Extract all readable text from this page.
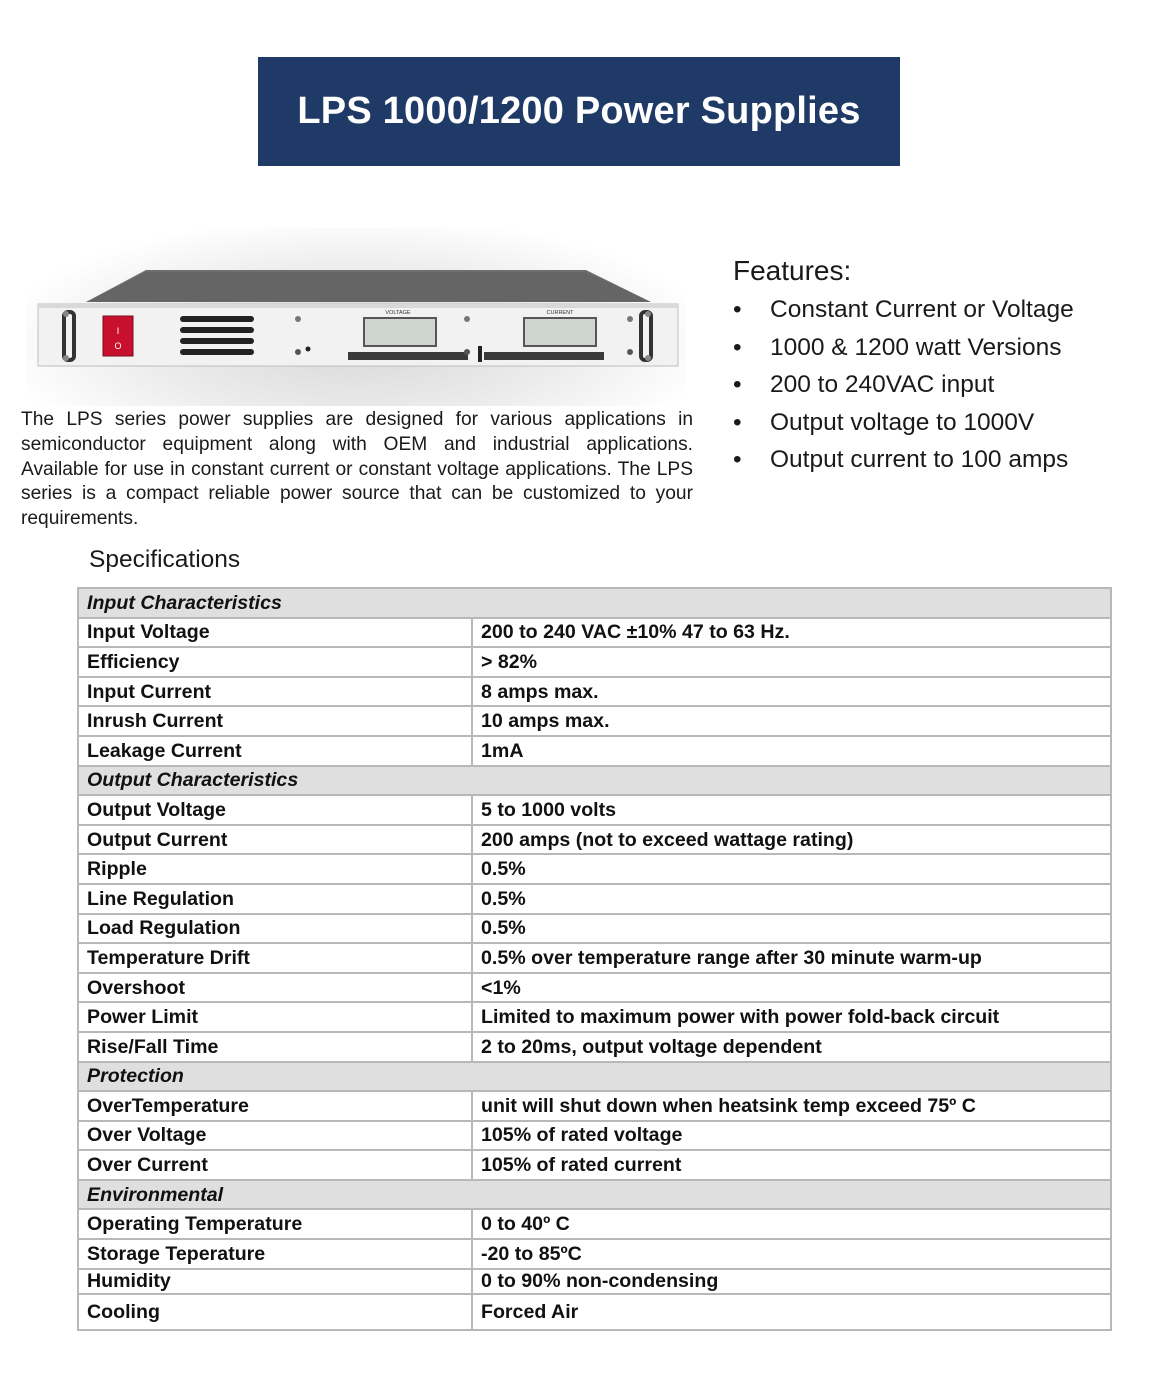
LPS 1000/1200 Power Supplies
I
O
VOLTAGE	CURRENT
The LPS series power supplies are designed for various applications in semiconductor equipment along with OEM and industrial applications. Available for use in constant current or constant voltage applications. The LPS series is a compact reliable power source that can be customized to your requirements.
Features:
• Constant Current or Voltage
• 1000 & 1200 watt Versions
• 200 to 240VAC input
• Output voltage to 1000V
• Output current to 100 amps
Specifications
Input Characteristics	
Input Voltage	200 to 240 VAC ±10% 47 to 63 Hz.
Efficiency	> 82%
Input Current	8 amps max.
Inrush Current	10 amps max.
Leakage Current	1mA
Output Characteristics	
Output Voltage	5 to 1000 volts
Output Current	200 amps (not to exceed wattage rating)
Ripple	0.5%
Line Regulation	0.5%
Load Regulation	0.5%
Temperature Drift	0.5% over temperature range after 30 minute warm-up
Overshoot	<1%
Power Limit	Limited to maximum power with power fold-back circuit
Rise/Fall Time	2 to 20ms, output voltage dependent
Protection	
OverTemperature	unit will shut down when heatsink temp exceed 75º C
Over Voltage	105% of rated voltage
Over Current	105% of rated current
Environmental	
Operating Temperature	0 to 40º C
Storage Teperature	-20 to 85ºC
Humidity	0 to 90% non-condensing
Cooling	Forced Air
